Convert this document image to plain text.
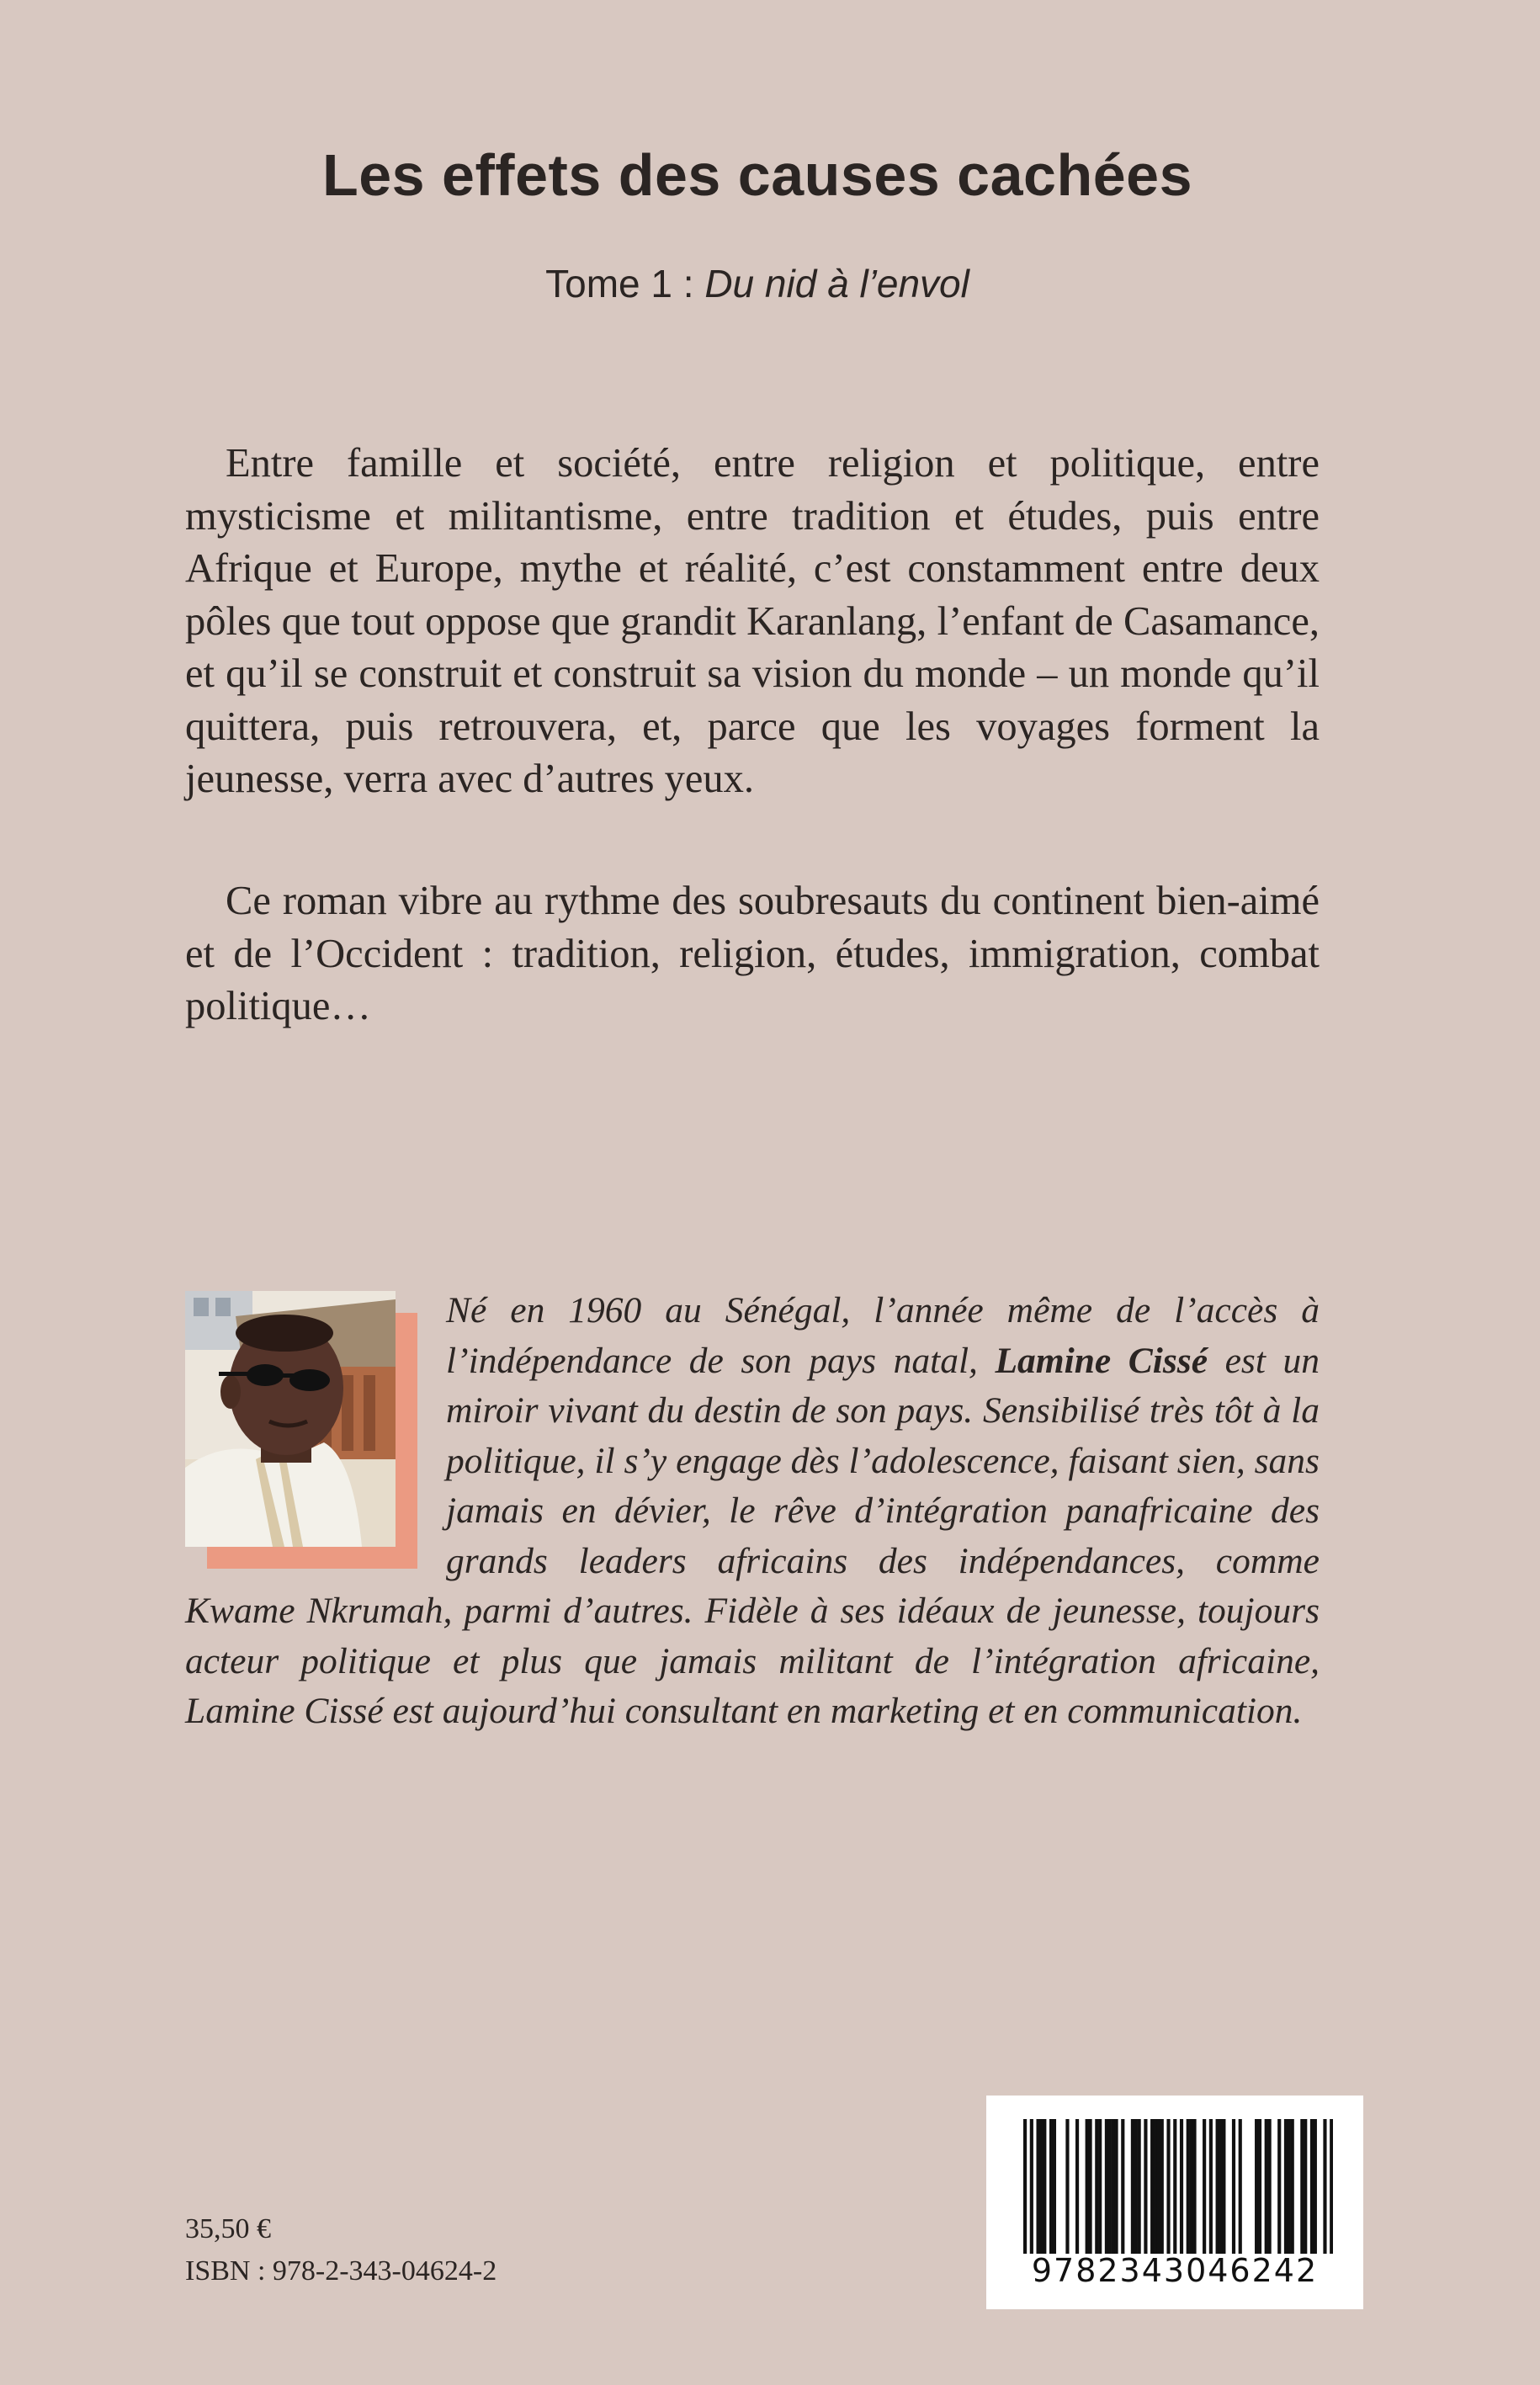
Les effets des causes cachées
Tome 1 : Du nid à l’envol

Entre famille et société, entre religion et politique, entre mysticisme et militantisme, entre tradition et études, puis entre Afrique et Europe, mythe et réalité, c’est constamment entre deux pôles que tout oppose que grandit Karanlang, l’enfant de Casamance, et qu’il se construit et construit sa vision du monde – un monde qu’il quittera, puis retrouvera, et, parce que les voyages forment la jeunesse, verra avec d’autres yeux.

Ce roman vibre au rythme des soubresauts du continent bien-aimé et de l’Occident : tradition, religion, études, immigration, combat politique…

Né en 1960 au Sénégal, l’année même de l’accès à l’indépendance de son pays natal, Lamine Cissé est un miroir vivant du destin de son pays. Sensibilisé très tôt à la politique, il s’y engage dès l’adolescence, faisant sien, sans jamais en dévier, le rêve d’intégration panafricaine des grands leaders africains des indépendances, comme Kwame Nkrumah, parmi d’autres. Fidèle à ses idéaux de jeunesse, toujours acteur politique et plus que jamais militant de l’intégration africaine, Lamine Cissé est aujourd’hui consultant en marketing et en communication.

35,50 €
ISBN : 978-2-343-04624-2	9782343046242
